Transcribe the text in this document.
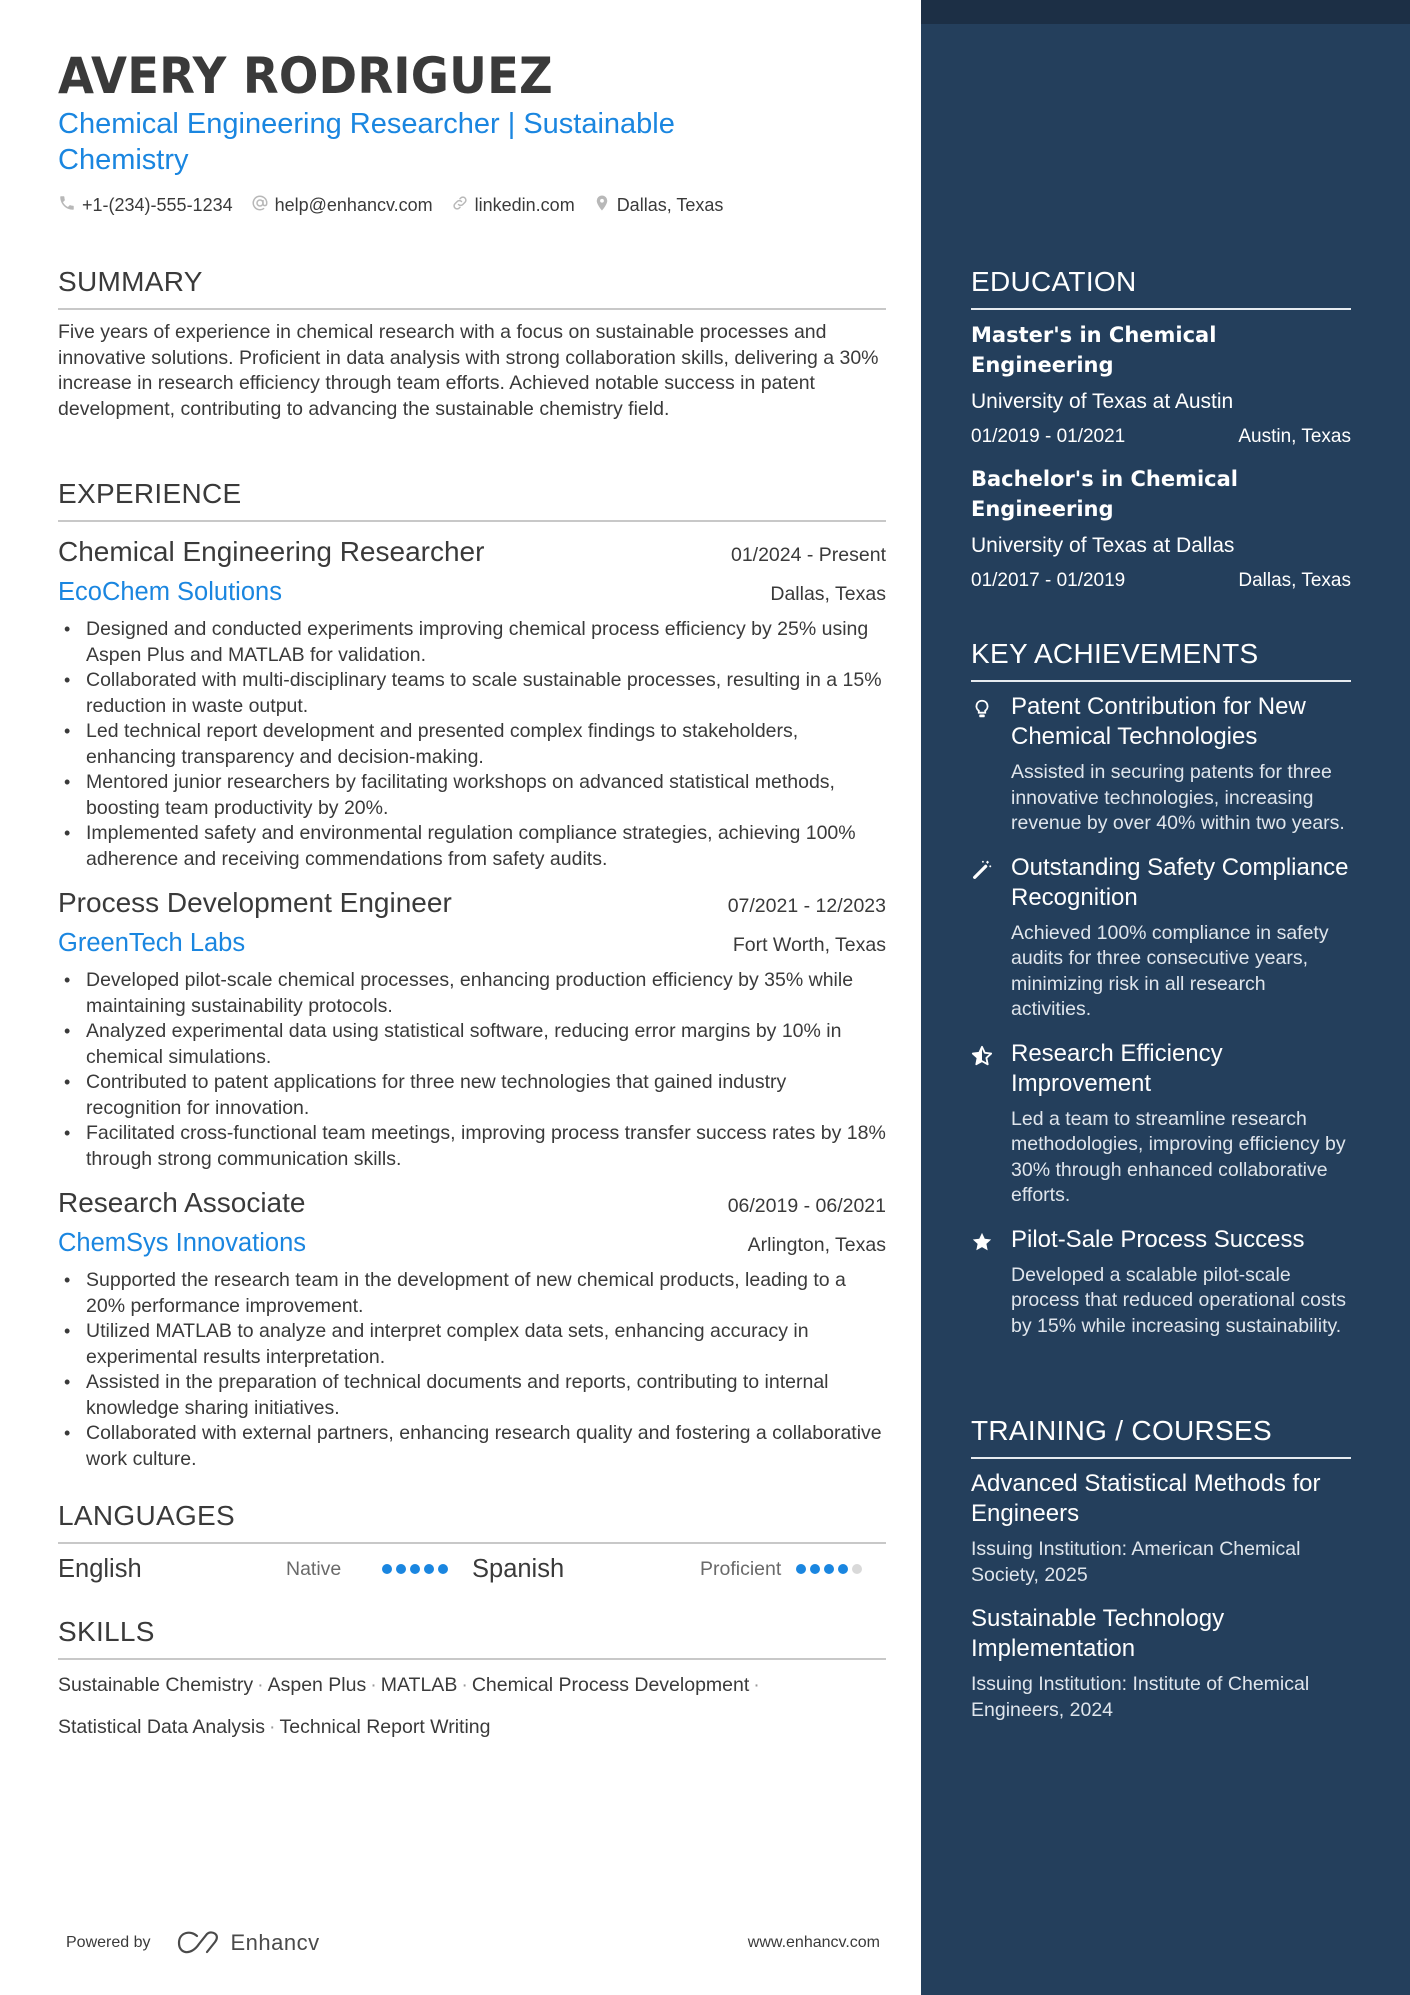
AVERY RODRIGUEZ
Chemical Engineering Researcher | Sustainable Chemistry
+1-(234)-555-1234 help@enhancv.com linkedin.com Dallas, Texas
SUMMARY
Five years of experience in chemical research with a focus on sustainable processes and innovative solutions. Proficient in data analysis with strong collaboration skills, delivering a 30% increase in research efficiency through team efforts. Achieved notable success in patent development, contributing to advancing the sustainable chemistry field.
EXPERIENCE
Chemical Engineering Researcher	01/2024 - Present
EcoChem Solutions	Dallas, Texas
• Designed and conducted experiments improving chemical process efficiency by 25% using Aspen Plus and MATLAB for validation.
• Collaborated with multi-disciplinary teams to scale sustainable processes, resulting in a 15% reduction in waste output.
• Led technical report development and presented complex findings to stakeholders, enhancing transparency and decision-making.
• Mentored junior researchers by facilitating workshops on advanced statistical methods, boosting team productivity by 20%.
• Implemented safety and environmental regulation compliance strategies, achieving 100% adherence and receiving commendations from safety audits.
Process Development Engineer	07/2021 - 12/2023
GreenTech Labs	Fort Worth, Texas
• Developed pilot-scale chemical processes, enhancing production efficiency by 35% while maintaining sustainability protocols.
• Analyzed experimental data using statistical software, reducing error margins by 10% in chemical simulations.
• Contributed to patent applications for three new technologies that gained industry recognition for innovation.
• Facilitated cross-functional team meetings, improving process transfer success rates by 18% through strong communication skills.
Research Associate	06/2019 - 06/2021
ChemSys Innovations	Arlington, Texas
• Supported the research team in the development of new chemical products, leading to a 20% performance improvement.
• Utilized MATLAB to analyze and interpret complex data sets, enhancing accuracy in experimental results interpretation.
• Assisted in the preparation of technical documents and reports, contributing to internal knowledge sharing initiatives.
• Collaborated with external partners, enhancing research quality and fostering a collaborative work culture.
LANGUAGES
English	Native	Spanish	Proficient
SKILLS
Sustainable Chemistry · Aspen Plus · MATLAB · Chemical Process Development ·
Statistical Data Analysis · Technical Report Writing
Powered by	Enhancv	www.enhancv.com
EDUCATION
Master's in Chemical Engineering
University of Texas at Austin
01/2019 - 01/2021	Austin, Texas
Bachelor's in Chemical Engineering
University of Texas at Dallas
01/2017 - 01/2019	Dallas, Texas
KEY ACHIEVEMENTS
Patent Contribution for New Chemical Technologies
Assisted in securing patents for three innovative technologies, increasing revenue by over 40% within two years.
Outstanding Safety Compliance Recognition
Achieved 100% compliance in safety audits for three consecutive years, minimizing risk in all research activities.
Research Efficiency Improvement
Led a team to streamline research methodologies, improving efficiency by 30% through enhanced collaborative efforts.
Pilot-Sale Process Success
Developed a scalable pilot-scale process that reduced operational costs by 15% while increasing sustainability.
TRAINING / COURSES
Advanced Statistical Methods for Engineers
Issuing Institution: American Chemical Society, 2025
Sustainable Technology Implementation
Issuing Institution: Institute of Chemical Engineers, 2024
